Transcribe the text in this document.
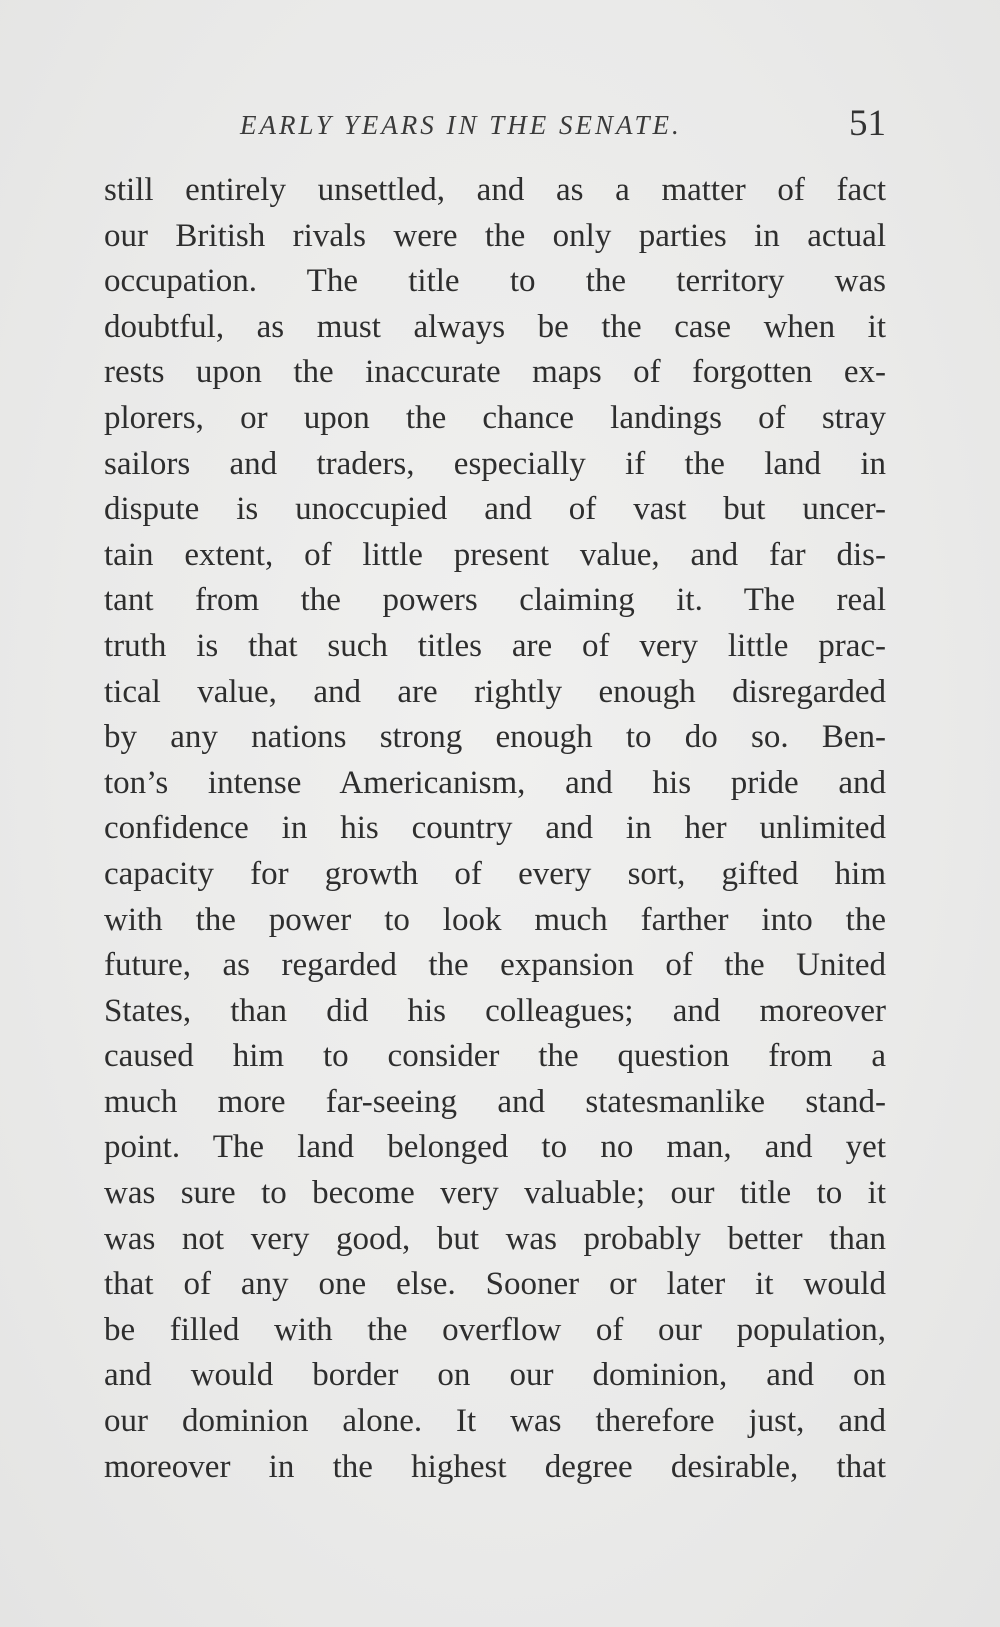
EARLY YEARS IN THE SENATE.	51
still entirely unsettled, and as a matter of fact
our British rivals were the only parties in actual
occupation. The title to the territory was
doubtful, as must always be the case when it
rests upon the inaccurate maps of forgotten ex-
plorers, or upon the chance landings of stray
sailors and traders, especially if the land in
dispute is unoccupied and of vast but uncer-
tain extent, of little present value, and far dis-
tant from the powers claiming it. The real
truth is that such titles are of very little prac-
tical value, and are rightly enough disregarded
by any nations strong enough to do so. Ben-
ton’s intense Americanism, and his pride and
confidence in his country and in her unlimited
capacity for growth of every sort, gifted him
with the power to look much farther into the
future, as regarded the expansion of the United
States, than did his colleagues; and moreover
caused him to consider the question from a
much more far-seeing and statesmanlike stand-
point. The land belonged to no man, and yet
was sure to become very valuable; our title to it
was not very good, but was probably better than
that of any one else. Sooner or later it would
be filled with the overflow of our population,
and would border on our dominion, and on
our dominion alone. It was therefore just, and
moreover in the highest degree desirable, that
